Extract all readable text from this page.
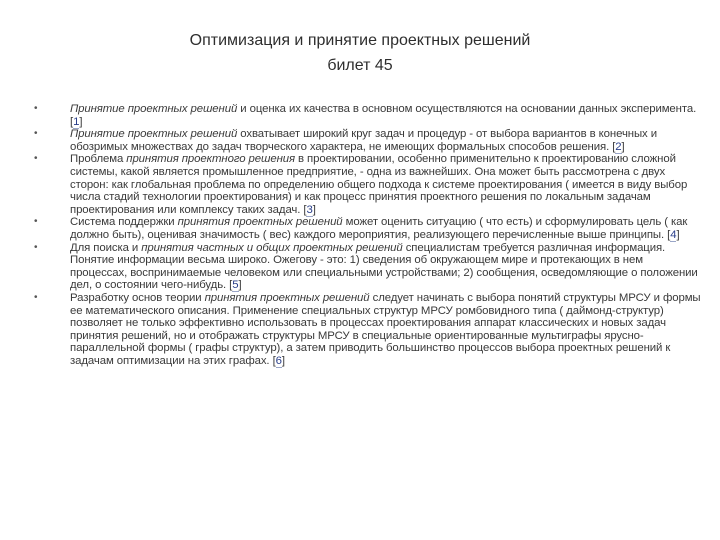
Оптимизация и принятие проектных решений
билет 45
•	Принятие проектных решений и оценка их качества в основном осуществляются на основании данных эксперимента. [1]
•	Принятие проектных решений охватывает широкий круг задач и процедур - от выбора вариантов в конечных и обозримых множествах до задач творческого характера, не имеющих формальных способов решения. [2]
•	Проблема принятия проектного решения в проектировании, особенно применительно к проектированию сложной системы, какой является промышленное предприятие, - одна из важнейших. Она может быть рассмотрена с двух сторон: как глобальная проблема по определению общего подхода к системе проектирования ( имеется в виду выбор числа стадий технологии проектирования) и как процесс принятия проектного решения по локальным задачам проектирования или комплексу таких задач. [3]
•	Система поддержки принятия проектных решений может оценить ситуацию ( что есть) и сформулировать цель ( как должно быть), оценивая значимость ( вес) каждого мероприятия, реализующего перечисленные выше принципы. [4]
•	Для поиска и принятия частных и общих проектных решений специалистам требуется различная информация. Понятие информации весьма широко. Ожегову - это: 1) сведения об окружающем мире и протекающих в нем процессах, воспринимаемые человеком или специальными устройствами; 2) сообщения, осведомляющие о положении дел, о состоянии чего-нибудь. [5]
•	Разработку основ теории принятия проектных решений следует начинать с выбора понятий структуры МРСУ и формы ее математического описания. Применение специальных структур МРСУ ромбовидного типа ( даймонд-структур) позволяет не только эффективно использовать в процессах проектирования аппарат классических и новых задач принятия решений, но и отображать структуры МРСУ в специальные ориентированные мультиграфы ярусно-параллельной формы ( графы структур), а затем приводить большинство процессов выбора проектных решений к задачам оптимизации на этих графах. [6]
